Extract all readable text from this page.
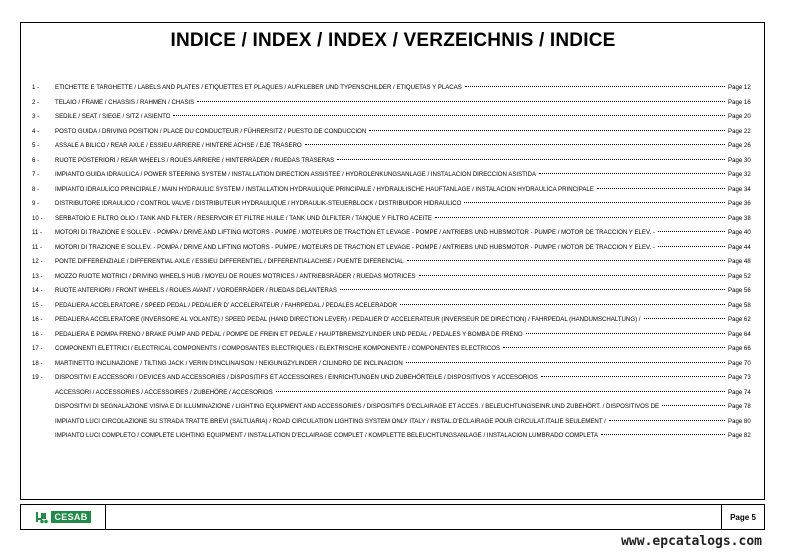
INDICE / INDEX / INDEX / VERZEICHNIS / INDICE
1 -	ETICHETTE E TARGHETTE / LABELS AND PLATES / ETIQUETTES ET PLAQUES / AUFKLEBER UND TYPENSCHILDER / ETIQUETAS Y PLACAS	Page 12
2 -	TELAIO / FRAME / CHASSIS / RAHMEN / CHASIS	Page 16
3 -	SEDILE / SEAT / SIEGE / SITZ / ASIENTO	Page 20
4 -	POSTO GUIDA / DRIVING POSITION / PLACE DU CONDUCTEUR / FÜHRERSITZ / PUESTO DE CONDUCCION	Page 22
5 -	ASSALE A BILICO / REAR AXLE / ESSIEU ARRIERE / HINTERE ACHSE / EJE TRASERO	Page 26
6 -	RUOTE POSTERIORI / REAR WHEELS / ROUES ARRIERE / HINTERRÄDER / RUEDAS TRASERAS	Page 30
7 -	IMPIANTO GUIDA IDRAULICA / POWER STEERING SYSTEM / INSTALLATION DIRECTION ASSISTEE / HYDROLENKUNGSANLAGE / INSTALACION DIRECCION ASISTIDA	Page 32
8 -	IMPIANTO IDRAULICO PRINCIPALE / MAIN HYDRAULIC SYSTEM / INSTALLATION HYDRAULIQUE PRINCIPALE / HYDRAULISCHE HAUFTANLAGE / INSTALACION HYDRAULICA PRINCIPALE	Page 34
9 -	DISTRIBUTORE IDRAULICO / CONTROL VALVE / DISTRIBUTEUR HYDRAULIQUE / HYDRAULIK-STEUERBLOCK / DISTRIBUIDOR HIDRAULICO	Page 36
10 -	SERBATOIO E FILTRO OLIO / TANK AND FILTER / RESERVOIR ET FILTRE HUILE / TANK UND ÖLFILTER / TANQUE Y FILTRO ACEITE	Page 38
11 -	MOTORI DI TRAZIONE E SOLLEV. - POMPA / DRIVE AND LIFTING MOTORS - PUMPE / MOTEURS DE TRACTION ET LEVAGE - POMPE / ANTRIEBS UND HUBSMOTOR - PUMPE / MOTOR DE TRACCION Y ELEV. -	Page 40
11 -	MOTORI DI TRAZIONE E SOLLEV. - POMPA / DRIVE AND LIFTING MOTORS - PUMPE / MOTEURS DE TRACTION ET LEVAGE - POMPE / ANTRIEBS UND HUBSMOTOR - PUMPE / MOTOR DE TRACCION Y ELEV. -	Page 44
12 -	PONTE DIFFERENZIALE / DIFFERENTIAL AXLE / ESSIEU DIFFERENTIEL / DIFFERENTIALACHSE / PUENTE DIFERENCIAL	Page 48
13 -	MOZZO RUOTE MOTRICI / DRIVING WHEELS HUB / MOYEU DE ROUES MOTRICES / ANTRIEBSRÄDER / RUEDAS MOTRICES	Page 52
14 -	RUOTE ANTERIORI / FRONT WHEELS / ROUES AVANT / VORDERRÄDER / RUEDAS DELANTERAS	Page 56
15 -	PEDALIERA ACCELERATORE / SPEED PEDAL / PEDALIER D' ACCELERATEUR / FAHRPEDAL / PEDALES ACELERADOR	Page 58
16 -	PEDALIERA ACCELERATORE (INVERSORE AL VOLANTE) / SPEED PEDAL (HAND DIRECTION LEVER) / PEDALIER D' ACCELERATEUR (INVERSEUR DE DIRECTION) / FAHRPEDAL (HANDUMSCHALTUNG) /	Page 62
16 -	PEDALIERA E POMPA FRENO / BRAKE PUMP AND PEDAL / POMPE DE FREIN ET PEDALE / HAUPTBREMSZYLINDER UND PEDAL / PEDALES Y BOMBA DE FRENO	Page 64
17 -	COMPONENTI ELETTRICI / ELECTRICAL COMPONENTS / COMPOSANTES ELECTRIQUES / ELEKTRISCHE KOMPONENTE / COMPONENTES ELECTRICOS	Page 66
18 -	MARTINETTO INCLINAZIONE / TILTING JACK / VERIN D'INCLINAISON / NEIGUNGZYLINDER / CILINDRO DE INCLINACION	Page 70
19 -	DISPOSITIVI E ACCESSORI / DEVICES AND ACCESSORIES / DISPOSITIFS ET ACCESSOIRES / EINRICHTUNGEN UND ZUBEHÖRTEILE / DISPOSITIVOS Y ACCESORIOS	Page 73
ACCESSORI / ACCESSORIES / ACCESSOIRES / ZUBEHÖRE / ACCESORIOS	Page 74
DISPOSITIVI DI SEGNALAZIONE VISIVA E DI ILLUMINAZIONE / LIGHTING EQUIPMENT AND ACCESSORIES / DISPOSITIFS D'ECLAIRAGE ET ACCES. / BELEUCHTUNGSEINR.UND ZUBEHÖRT. / DISPOSITIVOS DE	Page 78
IMPIANTO LUCI CIRCOLAZIONE SU STRADA TRATTE BREVI (SALTUARIA) / ROAD CIRCULATION LIGHTING SYSTEM ONLY ITALY / INSTAL.D'ECLAIRAGE POUR CIRCULAT.ITALIE SEULEMENT /	Page 80
IMPIANTO LUCI COMPLETO / COMPLETE LIGHTING EQUIPMENT / INSTALLATION D'ECLAIRAGE COMPLET / KOMPLETTE BELEUCHTUNGSANLAGE / INSTALACION LUMBRADO COMPLETA	Page 82
CESAB	Page 5
www.epcatalogs.com
